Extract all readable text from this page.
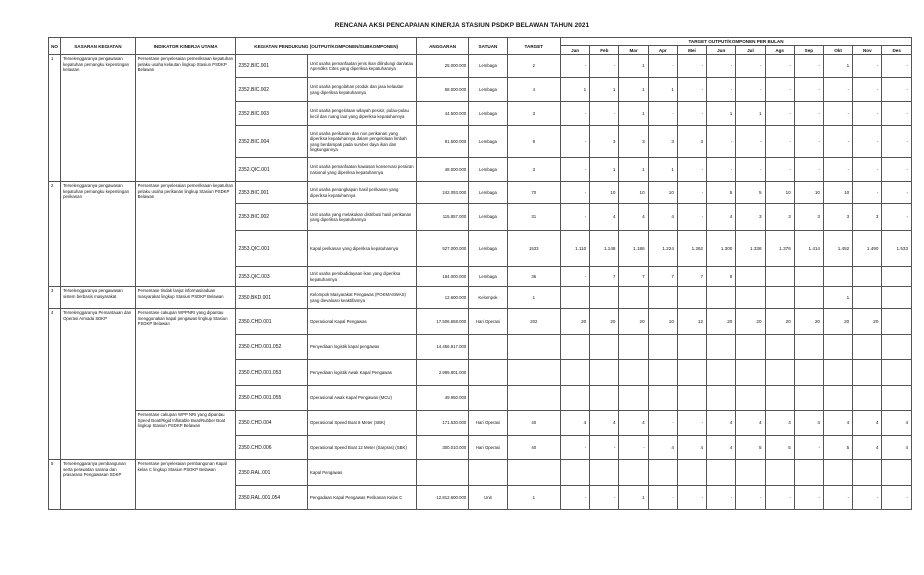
RENCANA AKSI PENCAPAIAN KINERJA STASIUN PSDKP BELAWAN TAHUN 2021
NO	SASARAN KEGIATAN	INDIKATOR KINERJA UTAMA	KEGIATAN PENDUKUNG (OUTPUT/KOMPONEN/SUBKOMPONEN)		ANGGARAN	SATUAN	TARGET	TARGET OUTPUT/KOMPONEN PER BULAN											
								Jan	Feb	Mar	Apr	Mei	Jun	Jul	Ags	Sep	Okt	Nov	Des
1	Terselenggaranya pengawasan kepatuhan pemangku kepentingan kelautan	Persentase penyelesaian pemeriksaan kepatuhan pelaku usaha kelautan lingkup Stasiun PSDKP Belawan	2352.BIC.001	Unit usaha pemanfaatan jenis ikan dilindungi dan/atau Apendiks Cites yang diperiksa kepatuhannya	25.000.000	Lembaga	2	-	-	1	-	-	-	-	-	-	1	-	-
			2352.BIC.002	Unit usaha pengolahan produk dan jasa kelautan yang diperiksa kepatuhannya	58.000.000	Lembaga	4	1	1	1	1	-	-	-	-	-	-	-	-
			2352.BIC.003	Unit usaha pengelolaan wilayah pesisir, pulau-pulau kecil dan ruang laut yang diperiksa kepatuhannya	44.500.000	Lembaga	3	-	-	1	-	-	1	1	-	-	-	-	-
			2352.BIC.004	Unit usaha perikanan dan non perikanan yang diperiksa kepatuhannya dalam pengelolaan limbah yang berdampak pada sumber daya ikan dan lingkungannya	91.500.000	Lembaga	9	-	3	3	3	3	-	-	-	-	-	-	-
			2352.QIC.001	Unit usaha pemanfaatan kawasan konservasi perairan nasional yang diperiksa kepatuhannya	48.000.000	Lembaga	3	-	1	1	1	-	-	-	-	-	-	-	-
2	Terselenggaranya pengawasan kepatuhan pemangku kepentingan perikanan	Persentase penyelesaian pemeriksaan kepatuhan pelaku usaha perikanan lingkup Stasiun PSDKP Belawan	2353.BIC.001	Unit usaha penangkapan hasil perikanan yang diperiksa kepatuhannya	242.093.000	Lembaga	70	-	10	10	10	-	5	5	10	10	10	-	-
			2353.BIC.002	Unit usaha yang melakukan distribusi hasil perikanan yang diperiksa kepatuhannya	115.857.000	Lembaga	31	-	4	4	4	-	4	3	3	3	3	3	-
			2353.QIC.001	Kapal perikanan yang diperiksa kepatuhannya	527.000.000	Lembaga	1533	1.110	1.148	1.186	1.224	1.262	1.300	1.338	1.376	1.414	1.452	1.490	1.533
			2353.QIC.003	Unit usaha pembudidayaan ikan yang diperiksa kepatuhannya	184.000.000	Lembaga	36	-	7	7	7	7	8						
3	Terselenggaranya pengawasan sistem berbasis masyarakat	Persentase tindak lanjut informasi/aduan masyarakat lingkup Stasiun PSDKP Belawan	2350.BKD.001	Kelompok Masyarakat Pengawas (POKMASWAS) yang dievaluasi keaktifannya	12.600.000	Kelompok	1										1		
4	Terselenggaranya Pemantauan dan Operasi Armada SDKP	Persentase cakupan WPPNRI yang dipantau menggunakan kapal pengawas lingkup Stasiun PSDKP Belawan	2350.CHD.001	Operasional Kapal Pengawas	17.506.658.000	Hari Operasi	202	20	20	20	10	12	20	20	20	20	20	20	
			2350.CHD.001.052	Penyediaan logistik kapal pengawas	14.456.917.000														
			2350.CHD.001.053	Penyediaan logistik Awak Kapal Pengawas	2.999.801.000														
			2350.CHD.001.055	Operasional Awak Kapal Pengawas (MCU)	49.950.000														
		Persentase cakupan WPP NRI yang dipantau Speed Boat/Rigid Inflatable Boat/Rubber Boat lingkup Stasiun PSDKP Belawan	2350.CHD.004	Operasional Speed Boat 8 Meter (SBK)	171.530.000	Hari Operasi	40	4	4	4	-	-	4	4	4	4	4	4	4
			2350.CHD.006	Operasional Speed Boat 12 Meter (Sarpras) (SBK)	300.010.000	Hari Operasi	40	-	-	-	4	4	4	5	5	-	5	4	4
5	Terselenggaranya pembangunan serta perawatan sarana dan prasarana Pengawasan SDKP	Persentase penyelesaian pembangunan Kapal kelas C lingkup Stasiun PSDKP Belawan	2350.RAL.001	Kapal Pengawas															
			2350.RAL.001.054	Pengadaan Kapal Pengawas Perikanan Kelas C	12.812.600.000	Unit	1	-	-	1	-	-	-	-	-	-	-	-	-
